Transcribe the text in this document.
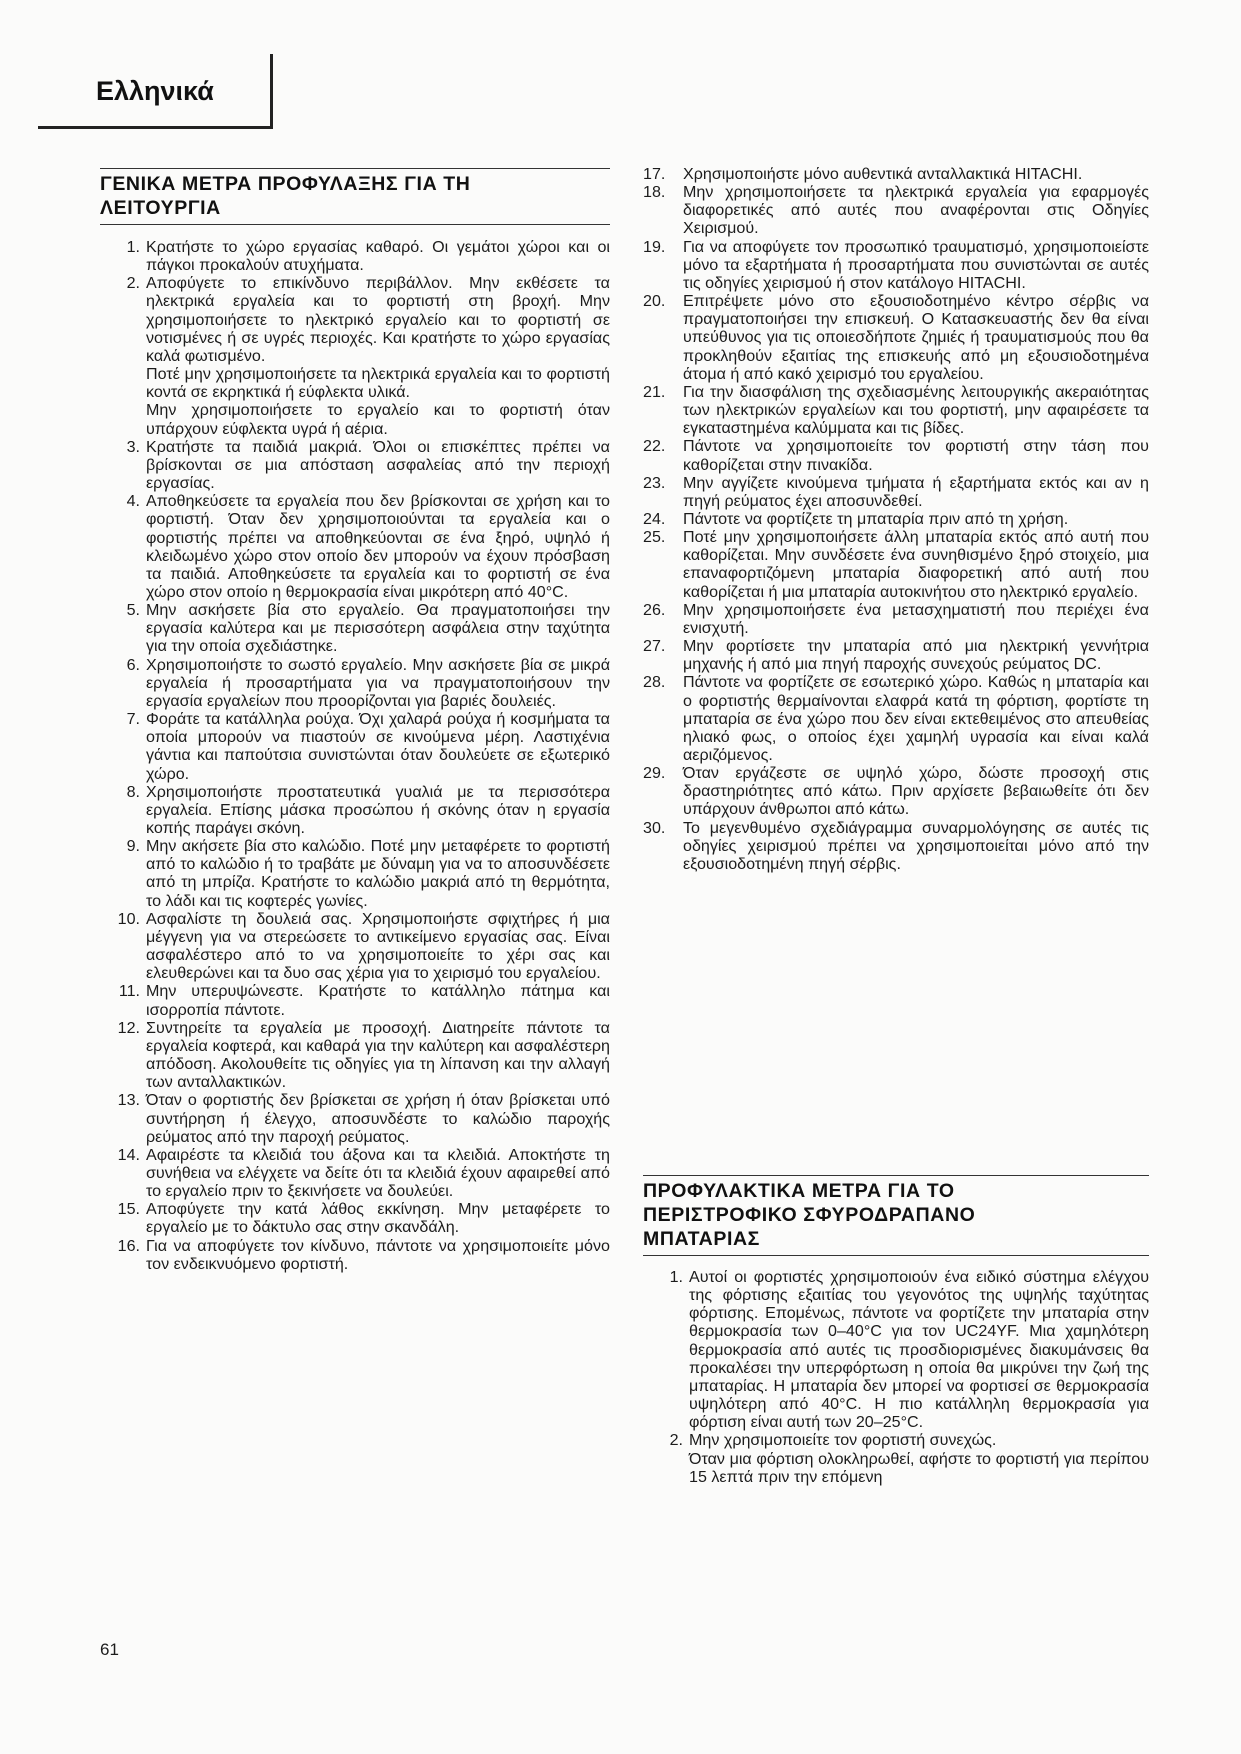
Ελληνικά
ΓΕΝΙΚΑ ΜΕΤΡΑ ΠΡΟΦΥΛΑΞΗΣ ΓΙΑ ΤΗ
ΛΕΙΤΟΥΡΓΙΑ
1. Κρατήστε το χώρο εργασίας καθαρό. Οι γεμάτοι χώροι και οι πάγκοι προκαλούν ατυχήματα.

2. Αποφύγετε το επικίνδυνο περιβάλλον. Μην εκθέσετε τα ηλεκτρικά εργαλεία και το φορτιστή στη βροχή. Μην χρησιμοποιήσετε το ηλεκτρικό εργαλείο και το φορτιστή σε νοτισμένες ή σε υγρές περιοχές. Και κρατήστε το χώρο εργασίας καλά φωτισμένο.

Ποτέ μην χρησιμοποιήσετε τα ηλεκτρικά εργαλεία και το φορτιστή κοντά σε εκρηκτικά ή εύφλεκτα υλικά.

Μην χρησιμοποιήσετε το εργαλείο και το φορτιστή όταν υπάρχουν εύφλεκτα υγρά ή αέρια.

3. Κρατήστε τα παιδιά μακριά. Όλοι οι επισκέπτες πρέπει να βρίσκονται σε μια απόσταση ασφαλείας από την περιοχή εργασίας.

4. Αποθηκεύσετε τα εργαλεία που δεν βρίσκονται σε χρήση και το φορτιστή. Όταν δεν χρησιμοποιούνται τα εργαλεία και ο φορτιστής πρέπει να αποθηκεύονται σε ένα ξηρό, υψηλό ή κλειδωμένο χώρο στον οποίο δεν μπορούν να έχουν πρόσβαση τα παιδιά. Αποθηκεύσετε τα εργαλεία και το φορτιστή σε ένα χώρο στον οποίο η θερμοκρασία είναι μικρότερη από 40°C.

5. Μην ασκήσετε βία στο εργαλείο. Θα πραγματοποιήσει την εργασία καλύτερα και με περισσότερη ασφάλεια στην ταχύτητα για την οποία σχεδιάστηκε.

6. Χρησιμοποιήστε το σωστό εργαλείο. Μην ασκήσετε βία σε μικρά εργαλεία ή προσαρτήματα για να πραγματοποιήσουν την εργασία εργαλείων που προορίζονται για βαριές δουλειές.

7. Φοράτε τα κατάλληλα ρούχα. Όχι χαλαρά ρούχα ή κοσμήματα τα οποία μπορούν να πιαστούν σε κινούμενα μέρη. Λαστιχένια γάντια και παπούτσια συνιστώνται όταν δουλεύετε σε εξωτερικό χώρο.

8. Χρησιμοποιήστε προστατευτικά γυαλιά με τα περισσότερα εργαλεία. Επίσης μάσκα προσώπου ή σκόνης όταν η εργασία κοπής παράγει σκόνη.

9. Μην ακήσετε βία στο καλώδιο. Ποτέ μην μεταφέρετε το φορτιστή από το καλώδιο ή το τραβάτε με δύναμη για να το αποσυνδέσετε από τη μπρίζα. Κρατήστε το καλώδιο μακριά από τη θερμότητα, το λάδι και τις κοφτερές γωνίες.

10. Ασφαλίστε τη δουλειά σας. Χρησιμοποιήστε σφιχτήρες ή μια μέγγενη για να στερεώσετε το αντικείμενο εργασίας σας. Είναι ασφαλέστερο από το να χρησιμοποιείτε το χέρι σας και ελευθερώνει και τα δυο σας χέρια για το χειρισμό του εργαλείου.

11. Μην υπερυψώνεστε. Κρατήστε το κατάλληλο πάτημα και ισορροπία πάντοτε.

12. Συντηρείτε τα εργαλεία με προσοχή. Διατηρείτε πάντοτε τα εργαλεία κοφτερά, και καθαρά για την καλύτερη και ασφαλέστερη απόδοση. Ακολουθείτε τις οδηγίες για τη λίπανση και την αλλαγή των ανταλλακτικών.

13. Όταν ο φορτιστής δεν βρίσκεται σε χρήση ή όταν βρίσκεται υπό συντήρηση ή έλεγχο, αποσυνδέστε το καλώδιο παροχής ρεύματος από την παροχή ρεύματος.

14. Αφαιρέστε τα κλειδιά του άξονα και τα κλειδιά. Αποκτήστε τη συνήθεια να ελέγχετε να δείτε ότι τα κλειδιά έχουν αφαιρεθεί από το εργαλείο πριν το ξεκινήσετε να δουλεύει.

15. Αποφύγετε την κατά λάθος εκκίνηση. Μην μεταφέρετε το εργαλείο με το δάκτυλο σας στην σκανδάλη.

16. Για να αποφύγετε τον κίνδυνο, πάντοτε να χρησιμοποιείτε μόνο τον ενδεικνυόμενο φορτιστή.

17.	Χρησιμοποιήστε μόνο αυθεντικά ανταλλακτικά HITACHI.

18.	Μην χρησιμοποιήσετε τα ηλεκτρικά εργαλεία για εφαρμογές διαφορετικές από αυτές που αναφέρονται στις Οδηγίες Χειρισμού.

19.	Για να αποφύγετε τον προσωπικό τραυματισμό, χρησιμοποιείστε μόνο τα εξαρτήματα ή προσαρτήματα που συνιστώνται σε αυτές τις οδηγίες χειρισμού ή στον κατάλογο HITACHI.

20.	Επιτρέψετε μόνο στο εξουσιοδοτημένο κέντρο σέρβις να πραγματοποιήσει την επισκευή. Ο Κατασκευαστής δεν θα είναι υπεύθυνος για τις οποιεσδήποτε ζημιές ή τραυματισμούς που θα προκληθούν εξαιτίας της επισκευής από μη εξουσιοδοτημένα άτομα ή από κακό χειρισμό του εργαλείου.

21.	Για την διασφάλιση της σχεδιασμένης λειτουργικής ακεραιότητας των ηλεκτρικών εργαλείων και του φορτιστή, μην αφαιρέσετε τα εγκαταστημένα καλύμματα και τις βίδες.

22.	Πάντοτε να χρησιμοποιείτε τον φορτιστή στην τάση που καθορίζεται στην πινακίδα.

23.	Μην αγγίζετε κινούμενα τμήματα ή εξαρτήματα εκτός και αν η πηγή ρεύματος έχει αποσυνδεθεί.

24.	Πάντοτε να φορτίζετε τη μπαταρία πριν από τη χρήση.

25.	Ποτέ μην χρησιμοποιήσετε άλλη μπαταρία εκτός από αυτή που καθορίζεται. Μην συνδέσετε ένα συνηθισμένο ξηρό στοιχείο, μια επαναφορτιζόμενη μπαταρία διαφορετική από αυτή που καθορίζεται ή μια μπαταρία αυτοκινήτου στο ηλεκτρικό εργαλείο.

26.	Μην χρησιμοποιήσετε ένα μετασχηματιστή που περιέχει ένα ενισχυτή.

27.	Μην φορτίσετε την μπαταρία από μια ηλεκτρική γεννήτρια μηχανής ή από μια πηγή παροχής συνεχούς ρεύματος DC.

28.	Πάντοτε να φορτίζετε σε εσωτερικό χώρο. Καθώς η μπαταρία και ο φορτιστής θερμαίνονται ελαφρά κατά τη φόρτιση, φορτίστε τη μπαταρία σε ένα χώρο που δεν είναι εκτεθειμένος στο απευθείας ηλιακό φως, ο οποίος έχει χαμηλή υγρασία και είναι καλά αεριζόμενος.

29.	Όταν εργάζεστε σε υψηλό χώρο, δώστε προσοχή στις δραστηριότητες από κάτω. Πριν αρχίσετε βεβαιωθείτε ότι δεν υπάρχουν άνθρωποι από κάτω.

30.	Το μεγενθυμένο σχεδιάγραμμα συναρμολόγησης σε αυτές τις οδηγίες χειρισμού πρέπει να χρησιμοποιείται μόνο από την εξουσιοδοτημένη πηγή σέρβις.

ΠΡΟΦΥΛΑΚΤΙΚΑ ΜΕΤΡΑ ΓΙΑ ΤΟ
ΠΕΡΙΣΤΡΟΦΙΚΟ ΣΦΥΡΟΔΡΑΠΑΝΟ
ΜΠΑΤΑΡΙΑΣ
1. Αυτοί οι φορτιστές χρησιμοποιούν ένα ειδικό σύστημα ελέγχου της φόρτισης εξαιτίας του γεγονότος της υψηλής ταχύτητας φόρτισης. Επομένως, πάντοτε να φορτίζετε την μπαταρία στην θερμοκρασία των 0–40°C για τον UC24YF. Μια χαμηλότερη θερμοκρασία από αυτές τις προσδιορισμένες διακυμάνσεις θα προκαλέσει την υπερφόρτωση η οποία θα μικρύνει την ζωή της μπαταρίας. Η μπαταρία δεν μπορεί να φορτισεί σε θερμοκρασία υψηλότερη από 40°C. Η πιο κατάλληλη θερμοκρασία για φόρτιση είναι αυτή των 20–25°C.

2. Μην χρησιμοποιείτε τον φορτιστή συνεχώς.

Όταν μια φόρτιση ολοκληρωθεί, αφήστε το φορτιστή για περίπου 15 λεπτά πριν την επόμενη

61
